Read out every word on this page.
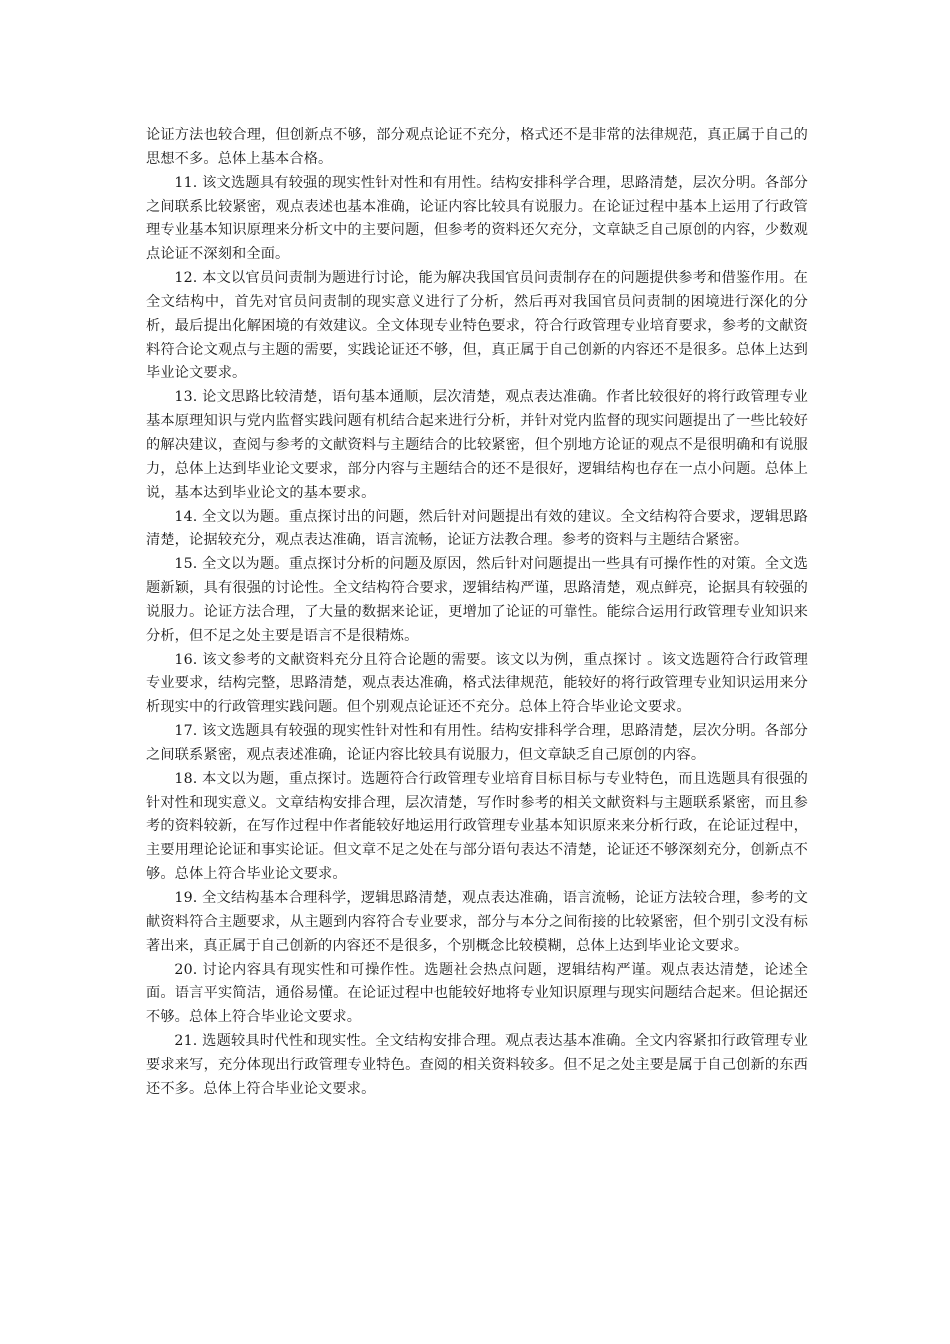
论证方法也较合理，但创新点不够，部分观点论证不充分，格式还不是非常的法律规范，真正属于自己的思想不多。总体上基本合格。

11. 该文选题具有较强的现实性针对性和有用性。结构安排科学合理，思路清楚，层次分明。各部分之间联系比较紧密，观点表述也基本准确，论证内容比较具有说服力。在论证过程中基本上运用了行政管理专业基本知识原理来分析文中的主要问题，但参考的资料还欠充分，文章缺乏自己原创的内容，少数观点论证不深刻和全面。

12. 本文以官员问责制为题进行讨论，能为解决我国官员问责制存在的问题提供参考和借鉴作用。在全文结构中，首先对官员问责制的现实意义进行了分析，然后再对我国官员问责制的困境进行深化的分析，最后提出化解困境的有效建议。全文体现专业特色要求，符合行政管理专业培育要求，参考的文献资料符合论文观点与主题的需要，实践论证还不够，但，真正属于自己创新的内容还不是很多。总体上达到毕业论文要求。

13. 论文思路比较清楚，语句基本通顺，层次清楚，观点表达准确。作者比较很好的将行政管理专业基本原理知识与党内监督实践问题有机结合起来进行分析，并针对党内监督的现实问题提出了一些比较好的解决建议，查阅与参考的文献资料与主题结合的比较紧密，但个别地方论证的观点不是很明确和有说服力，总体上达到毕业论文要求，部分内容与主题结合的还不是很好，逻辑结构也存在一点小问题。总体上说，基本达到毕业论文的基本要求。

14. 全文以为题。重点探讨出的问题，然后针对问题提出有效的建议。全文结构符合要求，逻辑思路清楚，论据较充分，观点表达准确，语言流畅，论证方法教合理。参考的资料与主题结合紧密。

15. 全文以为题。重点探讨分析的问题及原因，然后针对问题提出一些具有可操作性的对策。全文选题新颖，具有很强的讨论性。全文结构符合要求，逻辑结构严谨，思路清楚，观点鲜亮，论据具有较强的说服力。论证方法合理，了大量的数据来论证，更增加了论证的可靠性。能综合运用行政管理专业知识来分析，但不足之处主要是语言不是很精炼。

16. 该文参考的文献资料充分且符合论题的需要。该文以为例，重点探讨 。该文选题符合行政管理专业要求，结构完整，思路清楚，观点表达准确，格式法律规范，能较好的将行政管理专业知识运用来分析现实中的行政管理实践问题。但个别观点论证还不充分。总体上符合毕业论文要求。

17. 该文选题具有较强的现实性针对性和有用性。结构安排科学合理，思路清楚，层次分明。各部分之间联系紧密，观点表述准确，论证内容比较具有说服力，但文章缺乏自己原创的内容。

18. 本文以为题，重点探讨。选题符合行政管理专业培育目标目标与专业特色，而且选题具有很强的针对性和现实意义。文章结构安排合理，层次清楚，写作时参考的相关文献资料与主题联系紧密，而且参考的资料较新，在写作过程中作者能较好地运用行政管理专业基本知识原来来分析行政，在论证过程中，主要用理论论证和事实论证。但文章不足之处在与部分语句表达不清楚，论证还不够深刻充分，创新点不够。总体上符合毕业论文要求。

19. 全文结构基本合理科学，逻辑思路清楚，观点表达准确，语言流畅，论证方法较合理，参考的文献资料符合主题要求，从主题到内容符合专业要求，部分与本分之间衔接的比较紧密，但个别引文没有标著出来，真正属于自己创新的内容还不是很多，个别概念比较模糊，总体上达到毕业论文要求。

20. 讨论内容具有现实性和可操作性。选题社会热点问题，逻辑结构严谨。观点表达清楚，论述全面。语言平实简洁，通俗易懂。在论证过程中也能较好地将专业知识原理与现实问题结合起来。但论据还不够。总体上符合毕业论文要求。

21. 选题较具时代性和现实性。全文结构安排合理。观点表达基本准确。全文内容紧扣行政管理专业要求来写，充分体现出行政管理专业特色。查阅的相关资料较多。但不足之处主要是属于自己创新的东西还不多。总体上符合毕业论文要求。
